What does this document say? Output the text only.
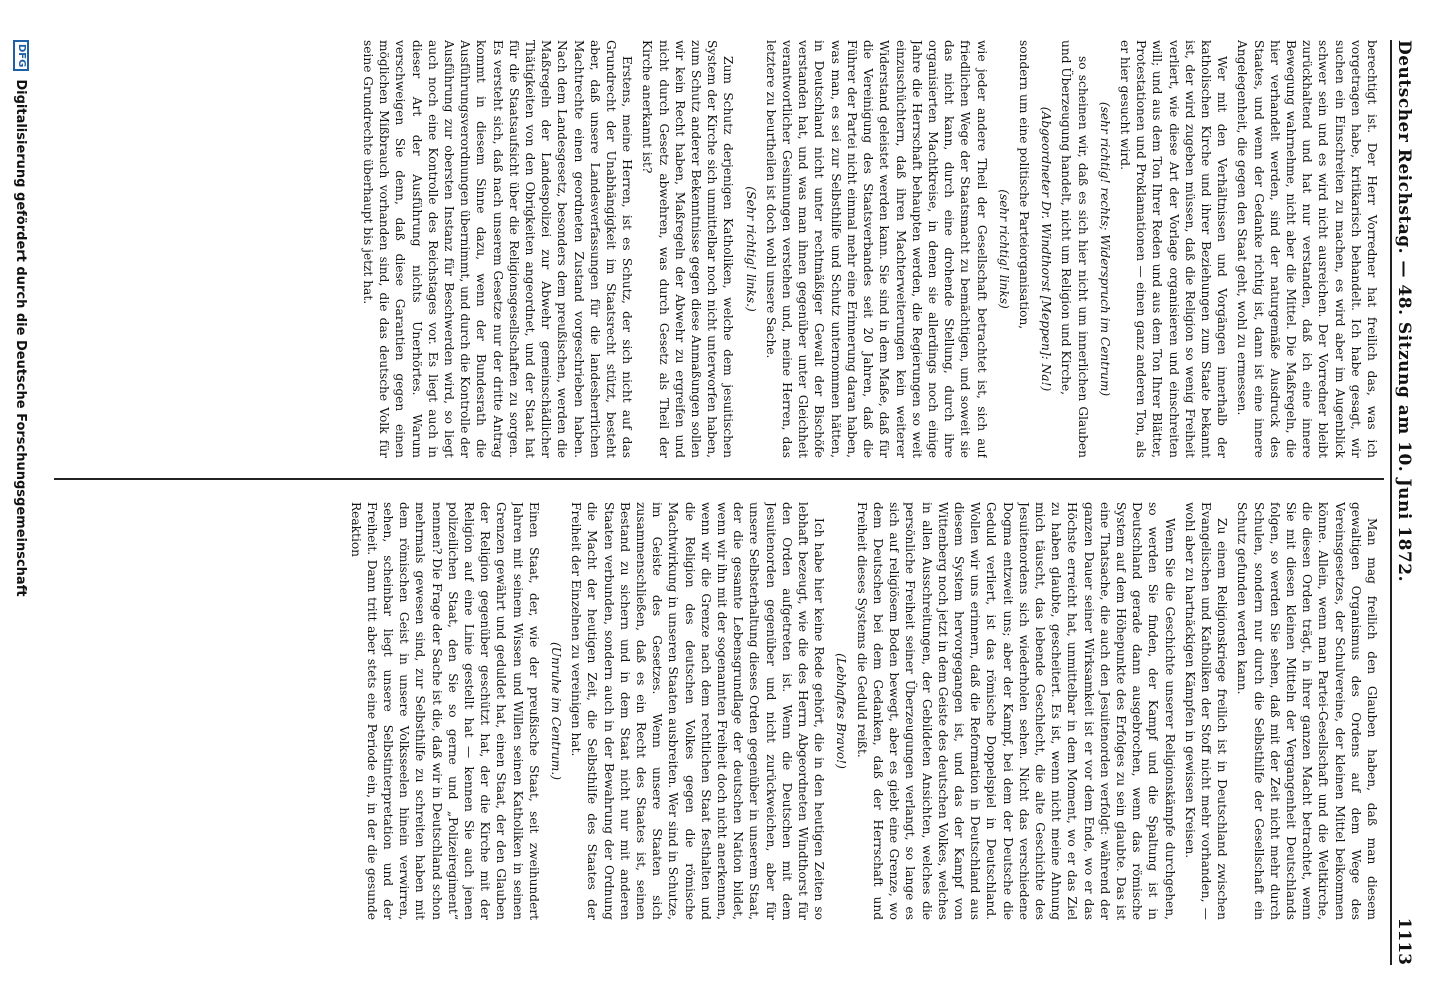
Deutscher Reichstag. — 48. Sitzung am 10. Juni 1872.
1113

berechtigt ist. Der Herr Vorredner hat freilich das, was ich vorgetragen habe, kritikarisch behandelt. Ich habe gesagt, wir suchen ein Einschreiten zu machen, es wird aber im Augenblick schwer sein und es wird nicht ausreichen. Der Vorredner bleibt zurückhaltend und hat nur verstanden, daß ich eine innere Bewegung wahrnehme, nicht aber die Mittel. Die Maßregeln, die hier verhandelt werden, sind der naturgemäße Ausdruck des Staates, und wenn der Gedanke richtig ist, dann ist eine innere Angelegenheit, die gegen den Staat geht, wohl zu ermessen.

Wer mit den Verhältnissen und Vorgängen innerhalb der katholischen Kirche und ihrer Beziehungen zum Staate bekannt ist, der wird zugeben müssen, daß die Religion so wenig Freiheit verliert, wie diese Art der Vorlage organisieren und einschreiten will; und aus dem Ton Ihrer Reden und aus dem Ton Ihrer Blätter, Protestationen und Proklamationen — einen ganz anderen Ton, als er hier gesucht wird.

(sehr richtig! rechts; Widerspruch im Centrum)

so scheinen wir, daß es sich hier nicht um innerlichen Glauben und Überzeugung handelt, nicht um Religion und Kirche,

(Abgeordneter Dr. Windthorst [Meppen]: Na!)

sondern um eine politische Parteiorganisation,

(sehr richtig! links)

wie jeder andere Theil der Gesellschaft betrachtet ist, sich auf friedlichen Wege der Staatsmacht zu bemächtigen, und soweit sie das nicht kann, durch eine drohende Stellung, durch ihre organisierten Machtkreise, in denen sie allerdings noch einige Jahre die Herrschaft behaupten werden, die Regierungen so weit einzuschüchtern, daß ihren Machterweiterungen kein weiterer Widerstand geleistet werden kann. Sie sind in dem Maße, daß für die Vereinigung des Staatsverbandes seit 20 Jahren, daß die Führer der Partei nicht einmal mehr eine Erinnerung daran haben, was man, es sei zur Selbsthilfe und Schutz unternommen hätten, in Deutschland nicht unter rechtmäßiger Gewalt der Bischöfe verstanden hat, und was man ihnen gegenüber unter Gleichheit verantwortlicher Gesinnungen verstehen und, meine Herren, das letztere zu beurtheilen ist doch wohl unsere Sache.

(Sehr richtig! links.)

Zum Schutz derjenigen Katholiken, welche dem jesuitischen System der Kirche sich unmittelbar noch nicht unterworfen haben, zum Schutz anderer Bekenntnisse gegen diese Anmaßungen sollen wir kein Recht haben, Maßregeln der Abwehr zu ergreifen und nicht durch Gesetz abwehren, was durch Gesetz als Theil der Kirche anerkannt ist?

Erstens, meine Herren, ist es Schutz, der sich nicht auf das Grundrecht der Unabhängigkeit im Staatsrecht stützt, besteht aber, daß unsere Landesverfassungen für die landesherrlichen Machtrechte einen geordneten Zustand vorgeschrieben haben. Nach dem Landesgesetz, besonders dem preußischen, werden die Maßregeln der Landespolizei zur Abwehr gemeinschädlicher Thätigkeiten von den Obrigkeiten angeordnet, und der Staat hat für die Staatsaufsicht über die Religionsgesellschaften zu sorgen. Es versteht sich, daß nach unserem Gesetze nur der dritte Antrag kommt in diesem Sinne dazu, wenn der Bundesrath die Ausführungsverordnungen übernimmt, und durch die Kontrolle der Ausführung zur obersten Instanz für Beschwerden wird, so liegt auch noch eine Kontrolle des Reichstages vor. Es liegt auch in dieser Art der Ausführung nichts Unerhörtes. Warum verschweigen Sie denn, daß diese Garantien gegen einen möglichen Mißbrauch vorhanden sind, die das deutsche Volk für seine Grundrechte überhaupt bis jetzt hat.

Man mag freilich den Glauben haben, daß man diesem gewaltigen Organismus des Ordens auf dem Wege des Vereinsgesetzes, der Schulvereine, der kleinen Mittel beikommen könne. Allein, wenn man Partei-Gesellschaft und die Weltkirche, die diesen Orden trägt, in ihrer ganzen Macht betrachtet, wenn Sie mit diesen kleinen Mitteln der Vergangenheit Deutschlands folgen, so werden Sie sehen, daß mit der Zeit nicht mehr durch Schulen, sondern nur durch die Selbsthilfe der Gesellschaft ein Schutz gefunden werden kann.

Zu einem Religionskriege freilich ist in Deutschland zwischen Evangelischen und Katholiken der Stoff nicht mehr vorhanden, — wohl aber zu hartnäckigen Kämpfen in gewissen Kreisen.

Wenn Sie die Geschichte unserer Religionskämpfe durchgehen, so werden Sie finden, der Kampf und die Spaltung ist in Deutschland gerade dann ausgebrochen, wenn das römische System auf dem Höhepunkte des Erfolges zu sein glaubte. Das ist eine Thatsache, die auch den Jesuitenorden verfolgt: während der ganzen Dauer seiner Wirksamkeit ist er vor dem Ende, wo er das Höchste erreicht hat, unmittelbar in dem Moment, wo er das Ziel zu haben glaubte, gescheitert. Es ist, wenn nicht meine Ahnung mich täuscht, das lebende Geschlecht, die alte Geschichte des Jesuitenordens sich wiederholen sehen. Nicht das verschiedene Dogma entzweit uns; aber der Kampf, bei dem der Deutsche die Geduld verliert, ist das römische Doppelspiel in Deutschland. Wollen wir uns erinnern, daß die Reformation in Deutschland aus diesem System hervorgegangen ist, und das der Kampf von Wittenberg noch jetzt in dem Geiste des deutschen Volkes, welches in allen Ausschreitungen, der Gebildeten Ansichten, welches die persönliche Freiheit seiner Überzeugungen verlangt, so lange es sich auf religiösem Boden bewegt, aber es giebt eine Grenze, wo dem Deutschen bei dem Gedanken, daß der Herrschaft und Freiheit dieses Systems die Geduld reißt.

(Lebhaftes Bravo!)

Ich habe hier keine Rede gehört, die in den heutigen Zeiten so lebhaft bezeugt, wie die des Herrn Abgeordneten Windthorst für den Orden aufgetreten ist. Wenn die Deutschen mit dem Jesuitenorden gegenüber und nicht zurückweichen, aber für unsere Selbsterhaltung dieses Orden gegenüber in unserem Staat, der die gesamte Lebensgrundlage der deutschen Nation bildet, wenn wir ihn mit der sogenannten Freiheit doch nicht anerkennen, wenn wir die Grenze nach dem rechtlichen Staat festhalten und die Religion des deutschen Volkes gegen die römische Machtwirkung in unseren Staaten ausbreiten. Wer sind in Schutze, im Geiste des Gesetzes. Wenn unsere Staaten sich zusammenschließen, daß es ein Recht des Staates ist, seinen Bestand zu sichern und in dem Staat nicht nur mit anderen Staaten verbunden, sondern auch in der Bewahrung der Ordnung die Macht der heutigen Zeit, die Selbsthilfe des Staates der Freiheit der Einzelnen zu vereinigen hat.

(Unruhe im Centrum.)

Einen Staat, der, wie der preußische Staat, seit zweihundert Jahren mit seinem Wissen und Willen seinen Katholiken in seinen Grenzen gewährt und geduldet hat, einen Staat, der den Glauben der Religion gegenüber geschützt hat, der die Kirche mit der Religion auf eine Linie gestellt hat — kennen Sie auch jenen polizeilichen Staat, den Sie so gerne und „Polizeiregiment“ nennen? Die Frage der Sache ist die, daß wir in Deutschland schon mehrmals gewesen sind, zur Selbsthilfe zu schreiten haben mit dem römischen Geist in unsere Volksseelen hinein verwirren, sehen, scheinbar liegt unsere Selbstinterpretation und der Freiheit. Dann tritt aber stets eine Periode ein, in der die gesunde Reaktion

DFG
Digitalisierung gefördert durch die Deutsche Forschungsgemeinschaft
